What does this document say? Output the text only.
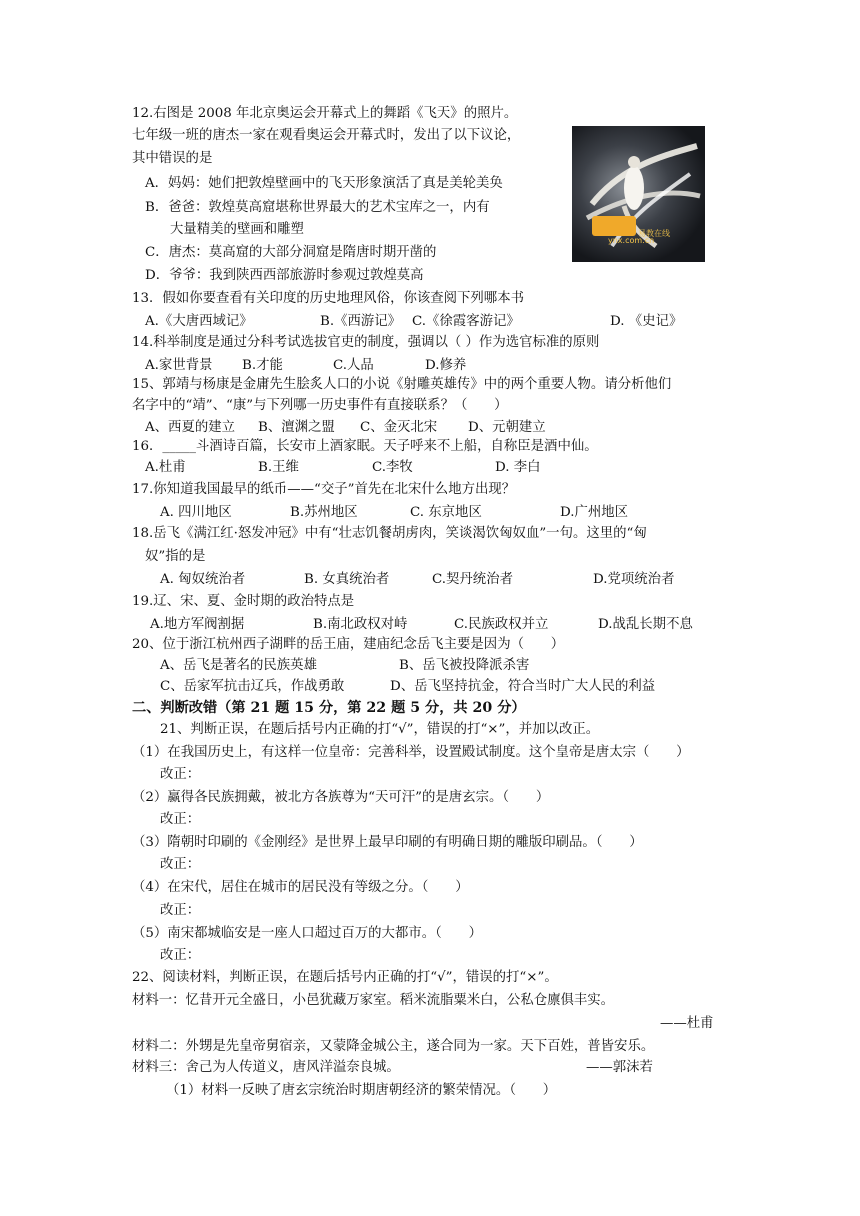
12.右图是 2008 年北京奥运会开幕式上的舞蹈《飞天》的照片。
七年级一班的唐杰一家在观看奥运会开幕式时，发出了以下议论，
其中错误的是
A．妈妈：她们把敦煌壁画中的飞天形象演活了真是美轮美奂
B．爸爸：敦煌莫高窟堪称世界最大的艺术宝库之一，内有
大量精美的壁画和雕塑
C．唐杰：莫高窟的大部分洞窟是隋唐时期开凿的
D．爷爷：我到陕西西部旅游时参观过敦煌莫高
易教在线
ynx.com.cn
13．假如你要查看有关印度的历史地理风俗，你该查阅下列哪本书
A.《大唐西域记》	B.《西游记》 C.《徐霞客游记》	D. 《史记》
14.科举制度是通过分科考试选拔官吏的制度，强调以（ ）作为选官标准的原则
A.家世背景 B.才能	C.人品	D.修养
15、郭靖与杨康是金庸先生脍炙人口的小说《射雕英雄传》中的两个重要人物。请分析他们
名字中的“靖”、“康”与下列哪一历史事件有直接联系？（　　）
A、西夏的建立 B、澶渊之盟 C、金灭北宋 D、元朝建立
16．_____斗酒诗百篇，长安市上酒家眠。天子呼来不上船，自称臣是酒中仙。
A.杜甫	B.王维	C.李牧	D. 李白
17.你知道我国最早的纸币——“交子”首先在北宋什么地方出现？
A. 四川地区	B.苏州地区	C. 东京地区	D.广州地区
18.岳飞《满江红·怒发冲冠》中有“壮志饥餐胡虏肉，笑谈渴饮匈奴血”一句。这里的“匈
奴”指的是
A. 匈奴统治者	B. 女真统治者	C.契丹统治者	D.党项统治者
19.辽、宋、夏、金时期的政治特点是
A.地方军阀割据	B.南北政权对峙	C.民族政权并立	D.战乱长期不息
20、位于浙江杭州西子湖畔的岳王庙，建庙纪念岳飞主要是因为（　　）
A、岳飞是著名的民族英雄	B、岳飞被投降派杀害
C、岳家军抗击辽兵，作战勇敢	D、岳飞坚持抗金，符合当时广大人民的利益
二、判断改错（第 21 题 15 分，第 22 题 5 分，共 20 分）
21、判断正误，在题后括号内正确的打“√”，错误的打“×”，并加以改正。
（1）在我国历史上，有这样一位皇帝：完善科举，设置殿试制度。这个皇帝是唐太宗（　　）
改正：
（2）赢得各民族拥戴，被北方各族尊为“天可汗”的是唐玄宗。（　　）
改正：
（3）隋朝时印刷的《金刚经》是世界上最早印刷的有明确日期的雕版印刷品。（　　）
改正：
（4）在宋代，居住在城市的居民没有等级之分。（　　）
改正：
（5）南宋都城临安是一座人口超过百万的大都市。（　　）
改正：
22、阅读材料，判断正误，在题后括号内正确的打“√”，错误的打“×”。
材料一：忆昔开元全盛日，小邑犹藏万家室。稻米流脂粟米白，公私仓廪俱丰实。
——杜甫
材料二：外甥是先皇帝舅宿亲，又蒙降金城公主，遂合同为一家。天下百姓，普皆安乐。
材料三：舍己为人传道义，唐风洋溢奈良城。	——郭沫若
（1）材料一反映了唐玄宗统治时期唐朝经济的繁荣情况。（　　）
